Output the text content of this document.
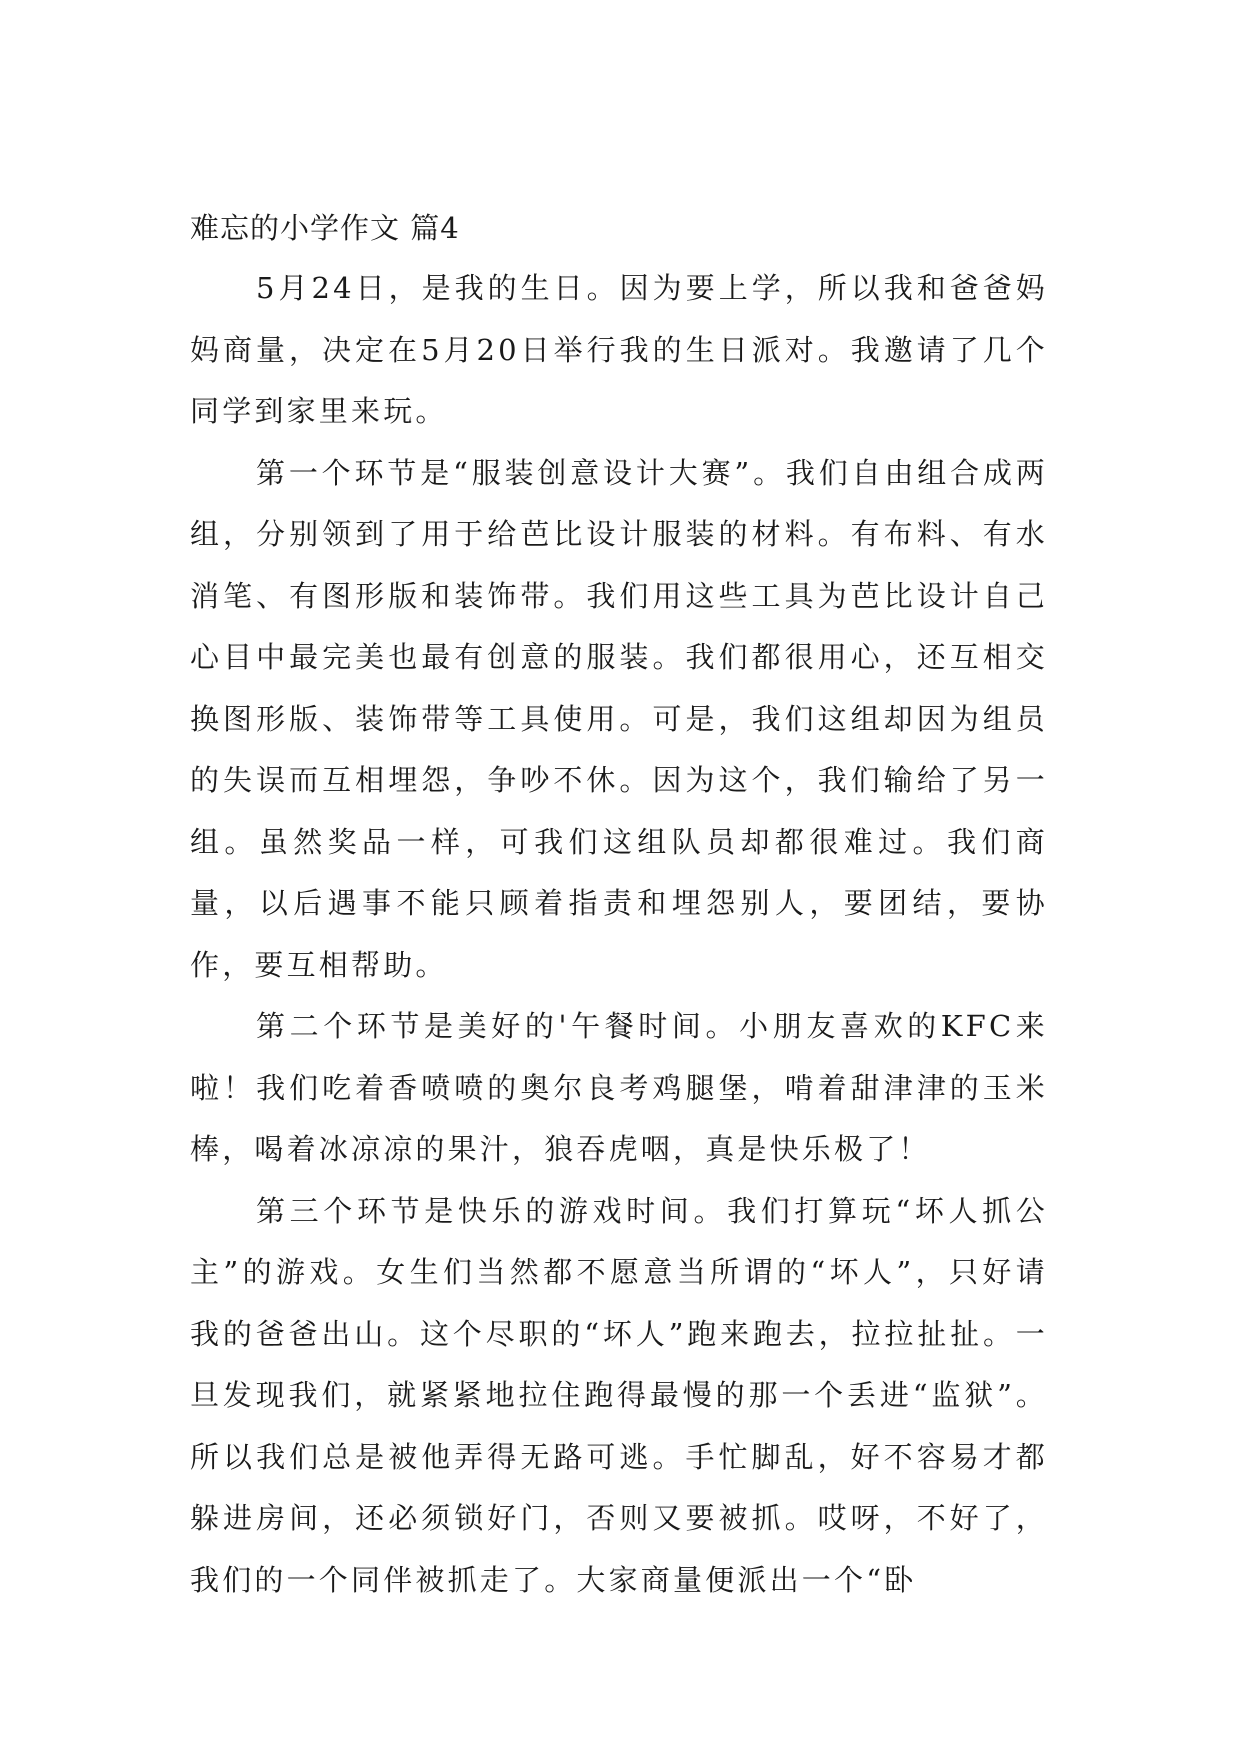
难忘的小学作文 篇4

5月24日，是我的生日。因为要上学，所以我和爸爸妈妈商量，决定在5月20日举行我的生日派对。我邀请了几个同学到家里来玩。

第一个环节是“服装创意设计大赛”。我们自由组合成两组，分别领到了用于给芭比设计服装的材料。有布料、有水消笔、有图形版和装饰带。我们用这些工具为芭比设计自己心目中最完美也最有创意的服装。我们都很用心，还互相交换图形版、装饰带等工具使用。可是，我们这组却因为组员的失误而互相埋怨，争吵不休。因为这个，我们输给了另一组。虽然奖品一样，可我们这组队员却都很难过。我们商量，以后遇事不能只顾着指责和埋怨别人，要团结，要协作，要互相帮助。

第二个环节是美好的'午餐时间。小朋友喜欢的KFC来啦！我们吃着香喷喷的奥尔良考鸡腿堡，啃着甜津津的玉米棒，喝着冰凉凉的果汁，狼吞虎咽，真是快乐极了！

第三个环节是快乐的游戏时间。我们打算玩“坏人抓公主”的游戏。女生们当然都不愿意当所谓的“坏人”，只好请我的爸爸出山。这个尽职的“坏人”跑来跑去，拉拉扯扯。一旦发现我们，就紧紧地拉住跑得最慢的那一个丢进“监狱”。所以我们总是被他弄得无路可逃。手忙脚乱，好不容易才都躲进房间，还必须锁好门，否则又要被抓。哎呀，不好了，我们的一个同伴被抓走了。大家商量便派出一个“卧
